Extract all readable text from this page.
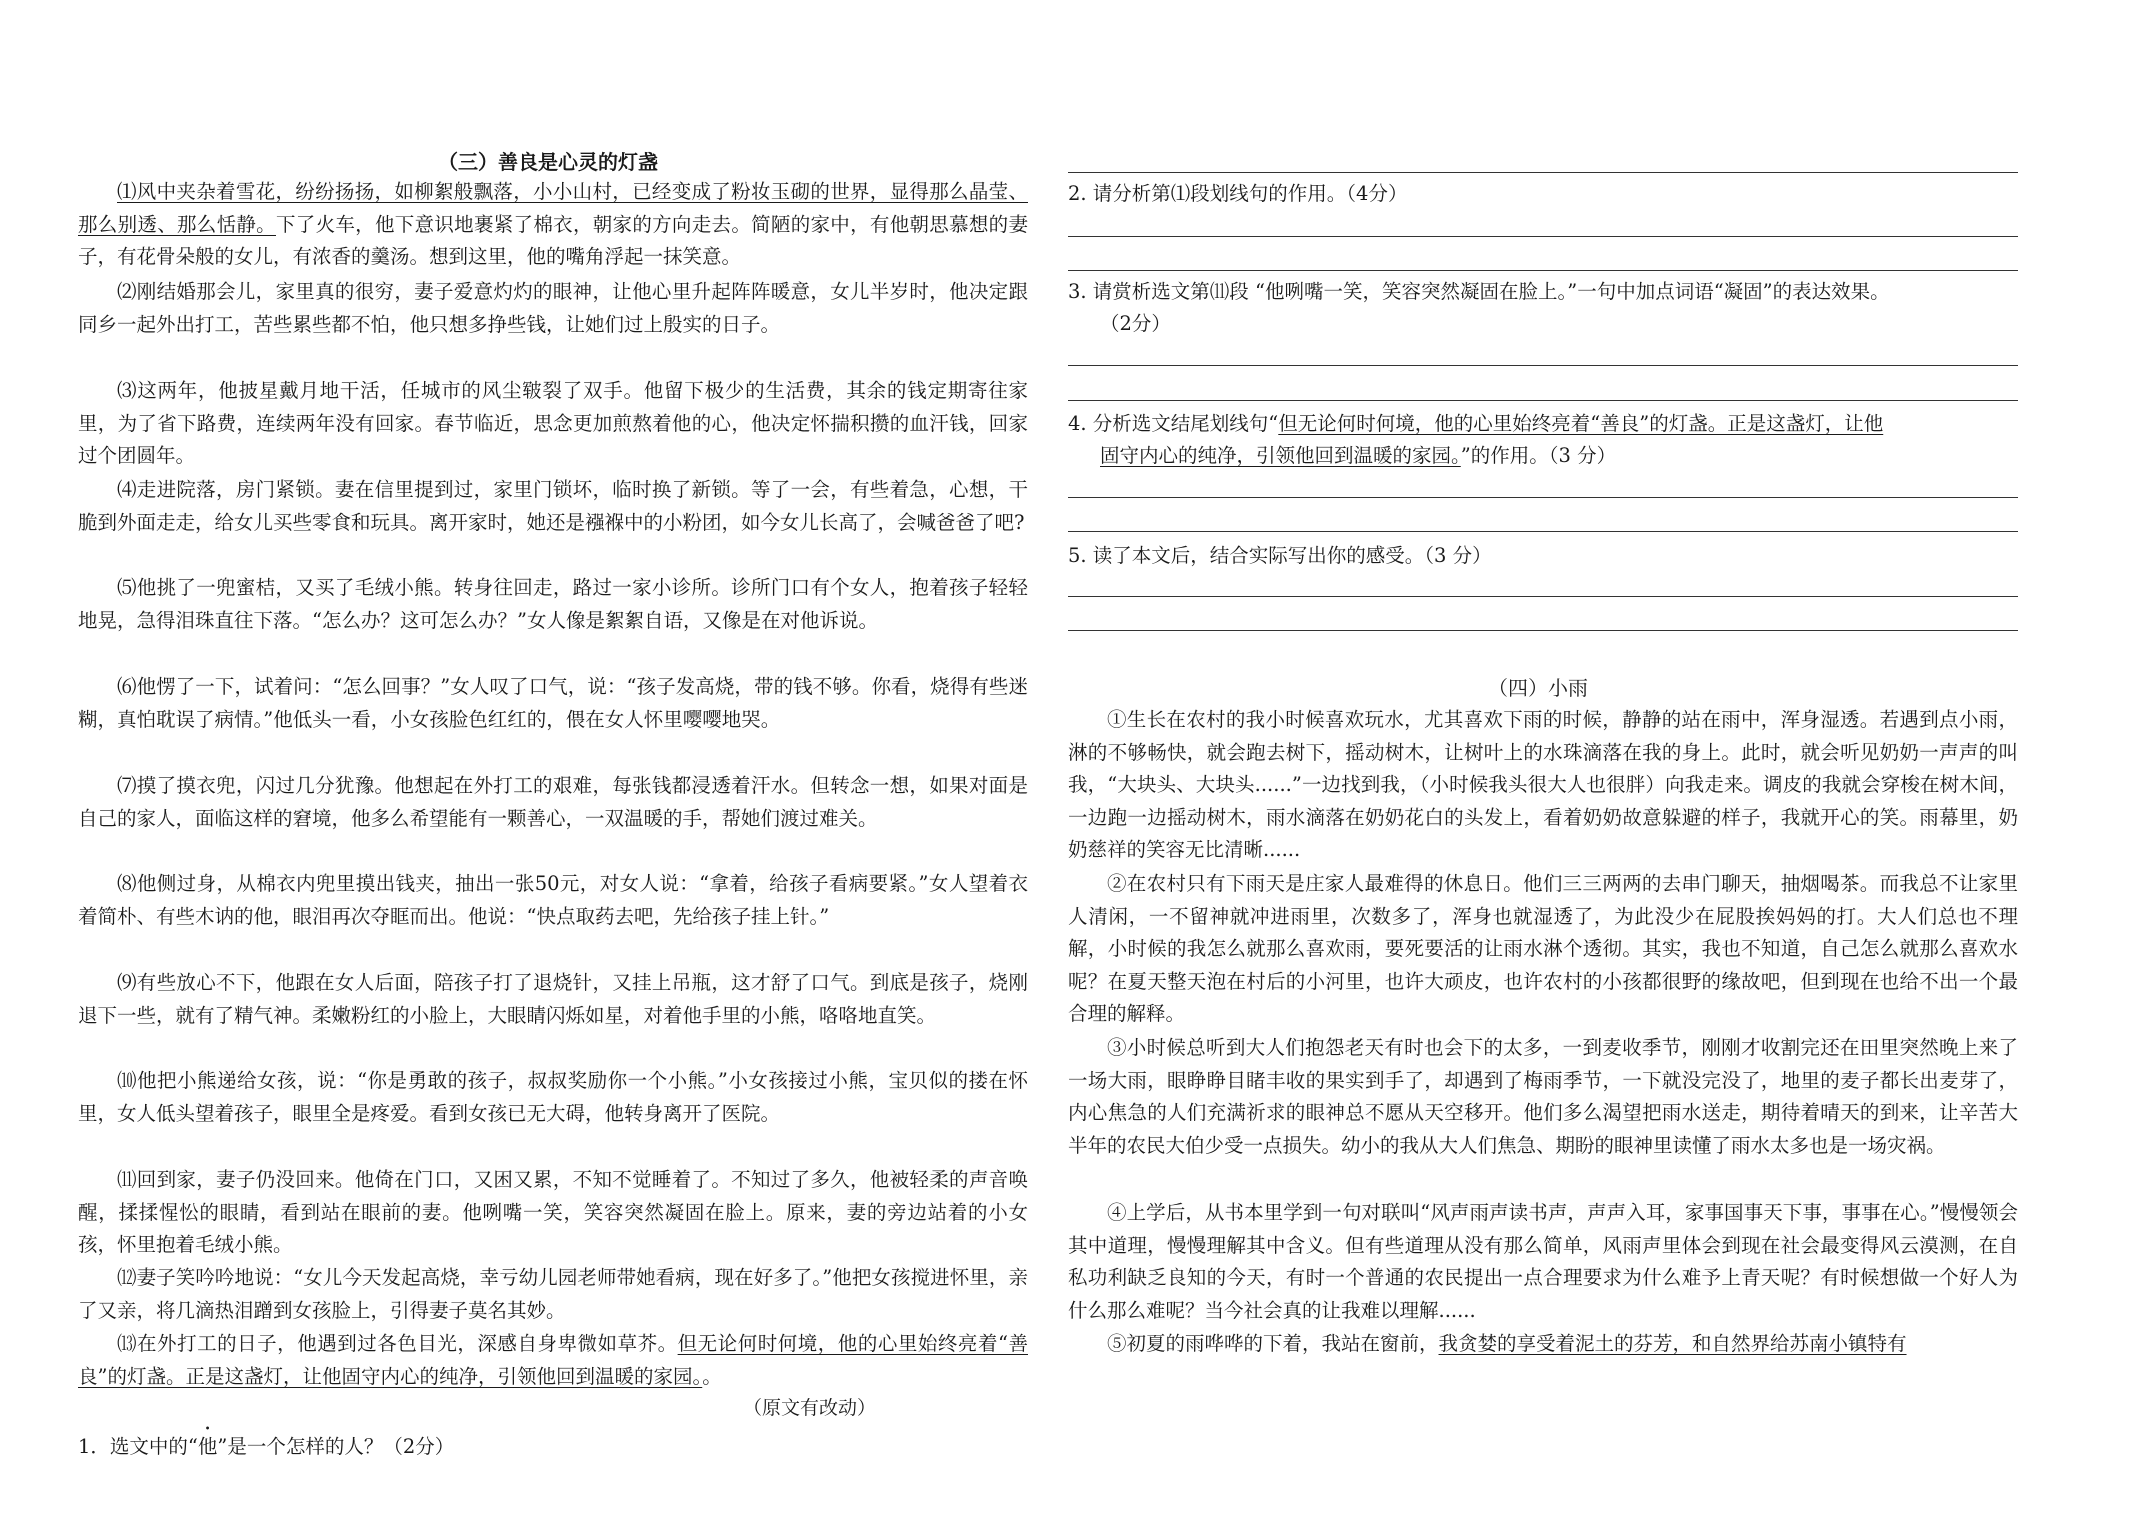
（三）善良是心灵的灯盏

⑴风中夹杂着雪花，纷纷扬扬，如柳絮般飘落，小小山村，已经变成了粉妆玉砌的世界，显得那么晶莹、那么别透、那么恬静。下了火车，他下意识地裹紧了棉衣，朝家的方向走去。简陋的家中，有他朝思慕想的妻子，有花骨朵般的女儿，有浓香的羹汤。想到这里，他的嘴角浮起一抹笑意。

⑵刚结婚那会儿，家里真的很穷，妻子爱意灼灼的眼神，让他心里升起阵阵暖意，女儿半岁时，他决定跟同乡一起外出打工，苦些累些都不怕，他只想多挣些钱，让她们过上殷实的日子。

⑶这两年，他披星戴月地干活，任城市的风尘皲裂了双手。他留下极少的生活费，其余的钱定期寄往家里，为了省下路费，连续两年没有回家。春节临近，思念更加煎熬着他的心，他决定怀揣积攒的血汗钱，回家过个团圆年。

⑷走进院落，房门紧锁。妻在信里提到过，家里门锁坏，临时换了新锁。等了一会，有些着急，心想，干脆到外面走走，给女儿买些零食和玩具。离开家时，她还是襁褓中的小粉团，如今女儿长高了，会喊爸爸了吧?

⑸他挑了一兜蜜桔，又买了毛绒小熊。转身往回走，路过一家小诊所。诊所门口有个女人，抱着孩子轻轻地晃，急得泪珠直往下落。“怎么办？这可怎么办？”女人像是絮絮自语，又像是在对他诉说。

⑹他愣了一下，试着问：“怎么回事？”女人叹了口气，说：“孩子发高烧，带的钱不够。你看，烧得有些迷糊，真怕耽误了病情。”他低头一看，小女孩脸色红红的，偎在女人怀里嘤嘤地哭。

⑺摸了摸衣兜，闪过几分犹豫。他想起在外打工的艰难，每张钱都浸透着汗水。但转念一想，如果对面是自己的家人，面临这样的窘境，他多么希望能有一颗善心，一双温暖的手，帮她们渡过难关。

⑻他侧过身，从棉衣内兜里摸出钱夹，抽出一张50元，对女人说：“拿着，给孩子看病要紧。”女人望着衣着简朴、有些木讷的他，眼泪再次夺眶而出。他说：“快点取药去吧，先给孩子挂上针。”

⑼有些放心不下，他跟在女人后面，陪孩子打了退烧针，又挂上吊瓶，这才舒了口气。到底是孩子，烧刚退下一些，就有了精气神。柔嫩粉红的小脸上，大眼睛闪烁如星，对着他手里的小熊，咯咯地直笑。

⑽他把小熊递给女孩，说：“你是勇敢的孩子，叔叔奖励你一个小熊。”小女孩接过小熊，宝贝似的搂在怀里，女人低头望着孩子，眼里全是疼爱。看到女孩已无大碍，他转身离开了医院。

⑾回到家，妻子仍没回来。他倚在门口，又困又累，不知不觉睡着了。不知过了多久，他被轻柔的声音唤醒，揉揉惺忪的眼睛，看到站在眼前的妻。他咧嘴一笑，笑容突然凝固在脸上。原来，妻的旁边站着的小女孩，怀里抱着毛绒小熊。

⑿妻子笑吟吟地说：“女儿今天发起高烧，幸亏幼儿园老师带她看病，现在好多了。”他把女孩搅进怀里，亲了又亲，将几滴热泪蹭到女孩脸上，引得妻子莫名其妙。

⒀在外打工的日子，他遇到过各色目光，深感自身卑微如草芥。但无论何时何境，他的心里始终亮着“善良”的灯盏。正是这盏灯，让他固守内心的纯净，引领他回到温暖的家园。。

（原文有改动）
1．选文中的“他”是一个怎样的人？（2分）
2. 请分析第⑴段划线句的作用。（4分）
3. 请赏析选文第⑾段 “他咧嘴一笑，笑容突然凝固在脸上。”一句中加点词语“凝固”的表达效果。
（2分）
4. 分析选文结尾划线句“但无论何时何境，他的心里始终亮着“善良”的灯盏。正是这盏灯，让他
固守内心的纯净，引领他回到温暖的家园。”的作用。（3 分）
5. 读了本文后，结合实际写出你的感受。（3 分）
（四）小雨

①生长在农村的我小时候喜欢玩水，尤其喜欢下雨的时候，静静的站在雨中，浑身湿透。若遇到点小雨，淋的不够畅快，就会跑去树下，摇动树木，让树叶上的水珠滴落在我的身上。此时，就会听见奶奶一声声的叫我，“大块头、大块头......”一边找到我，（小时候我头很大人也很胖）向我走来。调皮的我就会穿梭在树木间，一边跑一边摇动树木，雨水滴落在奶奶花白的头发上，看着奶奶故意躲避的样子，我就开心的笑。雨幕里，奶奶慈祥的笑容无比清晰......

②在农村只有下雨天是庄家人最难得的休息日。他们三三两两的去串门聊天，抽烟喝茶。而我总不让家里人清闲，一不留神就冲进雨里，次数多了，浑身也就湿透了，为此没少在屁股挨妈妈的打。大人们总也不理解，小时候的我怎么就那么喜欢雨，要死要活的让雨水淋个透彻。其实，我也不知道，自己怎么就那么喜欢水呢？在夏天整天泡在村后的小河里，也许大顽皮，也许农村的小孩都很野的缘故吧，但到现在也给不出一个最合理的解释。

③小时候总听到大人们抱怨老天有时也会下的太多，一到麦收季节，刚刚才收割完还在田里突然晚上来了一场大雨，眼睁睁目睹丰收的果实到手了，却遇到了梅雨季节，一下就没完没了，地里的麦子都长出麦芽了，内心焦急的人们充满祈求的眼神总不愿从天空移开。他们多么渴望把雨水送走，期待着晴天的到来，让辛苦大半年的农民大伯少受一点损失。幼小的我从大人们焦急、期盼的眼神里读懂了雨水太多也是一场灾祸。

④上学后，从书本里学到一句对联叫“风声雨声读书声，声声入耳，家事国事天下事，事事在心。”慢慢领会其中道理，慢慢理解其中含义。但有些道理从没有那么简单，风雨声里体会到现在社会最变得风云漠测，在自私功利缺乏良知的今天，有时一个普通的农民提出一点合理要求为什么难予上青天呢？有时候想做一个好人为什么那么难呢？当今社会真的让我难以理解......

⑤初夏的雨哗哗的下着，我站在窗前，我贪婪的享受着泥土的芬芳，和自然界给苏南小镇特有
